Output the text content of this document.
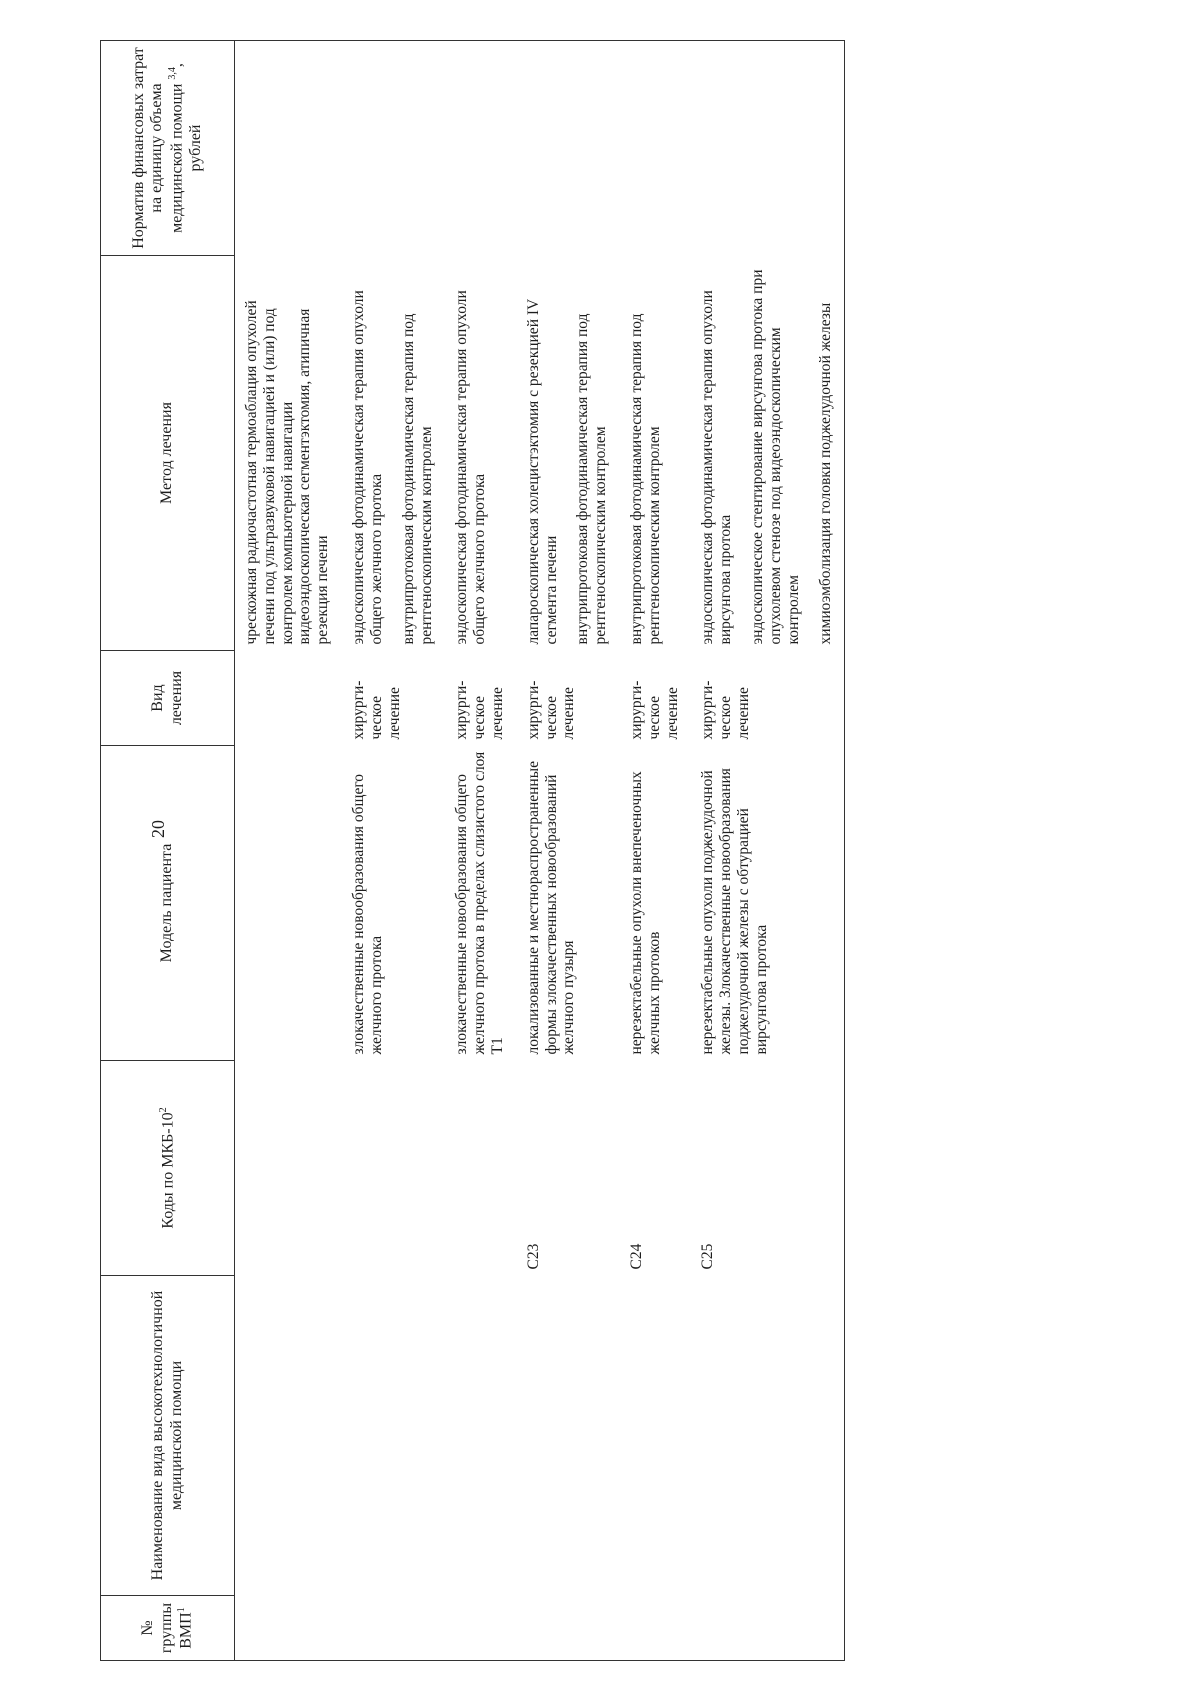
20
№ группы ВМП$^1$	Наименование вида высокотехнологичной медицинской помощи	Коды по МКБ-$10^2$	Модель пациента	Вид лечения	Метод лечения	Норматив финансовых затрат на единицу объема медицинской помощи $^{3,4}$, рублей

					чрескожная радиочастотная термоаблация опухолей печени под ультразвуковой навигацией и (или) под контролем компьютерной навигации видеоэндоскопическая сегментэктомия, атипичная резекция печени	

			злокачественные новообразования общего желчного протока	хирурги-ческое лечение	эндоскопическая фотодинамическая терапия опухоли общего желчного протока внутрипротоковая фотодинамическая терапия под рентгеноскопическим контролем	

			злокачественные новообразования общего желчного протока в пределах слизистого слоя T1	хирурги-ческое лечение	эндоскопическая фотодинамическая терапия опухоли общего желчного протока	

		C23	локализованные и местнораспространенные формы злокачественных новообразований желчного пузыря	хирурги-ческое лечение	лапароскопическая холецистэктомия с резекцией IV сегмента печени внутрипротоковая фотодинамическая терапия под рентгеноскопическим контролем	

		C24	нерезектабельные опухоли внепеченочных желчных протоков	хирурги-ческое лечение	внутрипротоковая фотодинамическая терапия под рентгеноскопическим контролем	

		C25	нерезектабельные опухоли поджелудочной железы. Злокачественные новообразования поджелудочной железы с обтурацией вирсунгова протока	хирурги-ческое лечение	эндоскопическая фотодинамическая терапия опухоли вирсунгова протока эндоскопическое стентирование вирсунгова протока при опухолевом стенозе под видеоэндоскопическим контролем химиоэмболизация головки поджелудочной железы	
